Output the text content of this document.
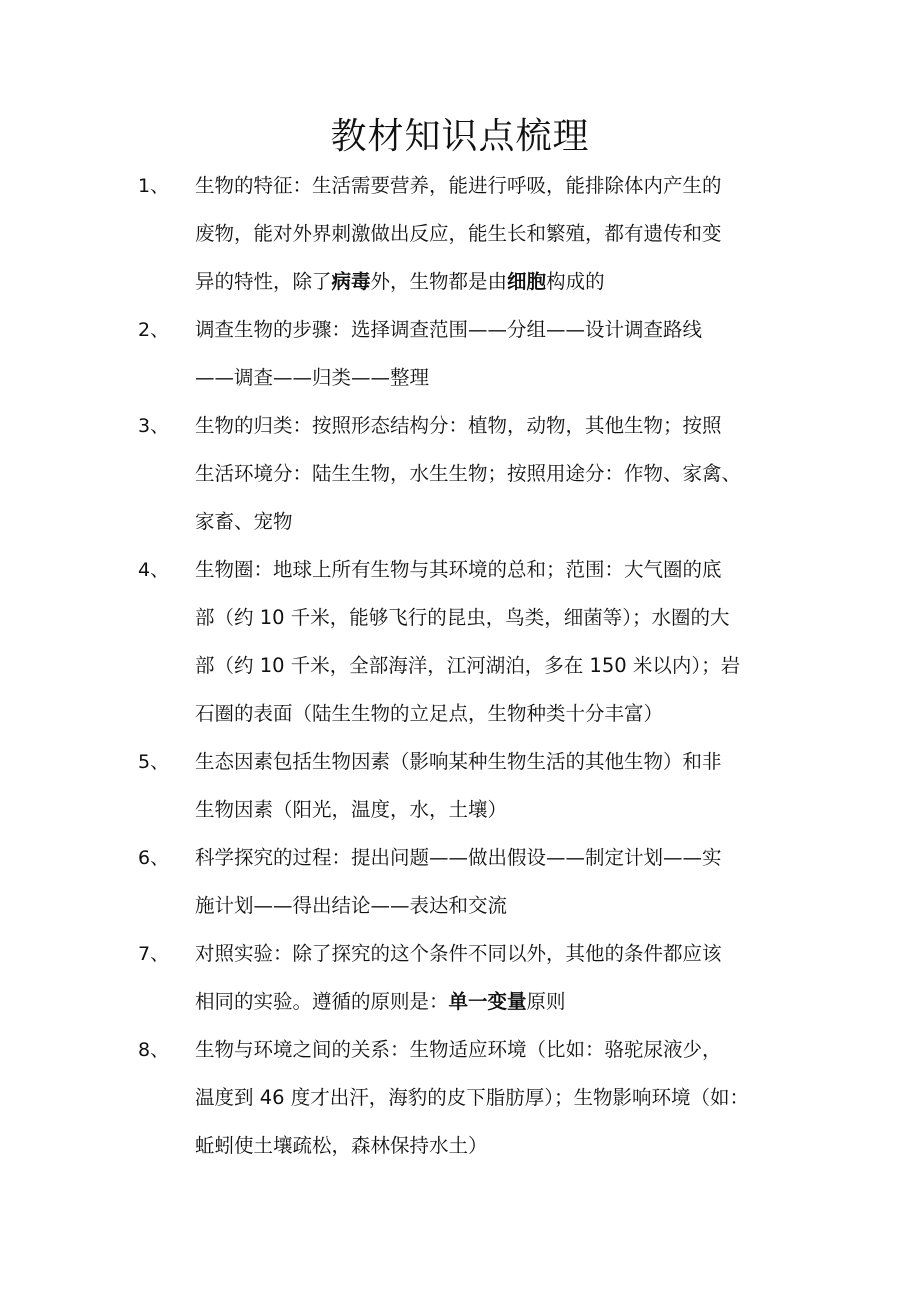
教材知识点梳理
1、 生物的特征：生活需要营养，能进行呼吸，能排除体内产生的
废物，能对外界刺激做出反应，能生长和繁殖，都有遗传和变
异的特性，除了病毒外，生物都是由细胞构成的

2、 调查生物的步骤：选择调查范围——分组——设计调查路线
——调查——归类——整理

3、 生物的归类：按照形态结构分：植物，动物，其他生物；按照
生活环境分：陆生生物，水生生物；按照用途分：作物、家禽、
家畜、宠物

4、 生物圈：地球上所有生物与其环境的总和；范围：大气圈的底
部（约 10 千米，能够飞行的昆虫，鸟类，细菌等）；水圈的大
部（约 10 千米，全部海洋，江河湖泊，多在 150 米以内）；岩
石圈的表面（陆生生物的立足点，生物种类十分丰富）

5、 生态因素包括生物因素（影响某种生物生活的其他生物）和非
生物因素（阳光，温度，水，土壤）

6、 科学探究的过程：提出问题——做出假设——制定计划——实
施计划——得出结论——表达和交流

7、 对照实验：除了探究的这个条件不同以外，其他的条件都应该
相同的实验。遵循的原则是：单一变量原则

8、 生物与环境之间的关系：生物适应环境（比如：骆驼尿液少，
温度到 46 度才出汗，海豹的皮下脂肪厚）；生物影响环境（如：
蚯蚓使土壤疏松，森林保持水土）
